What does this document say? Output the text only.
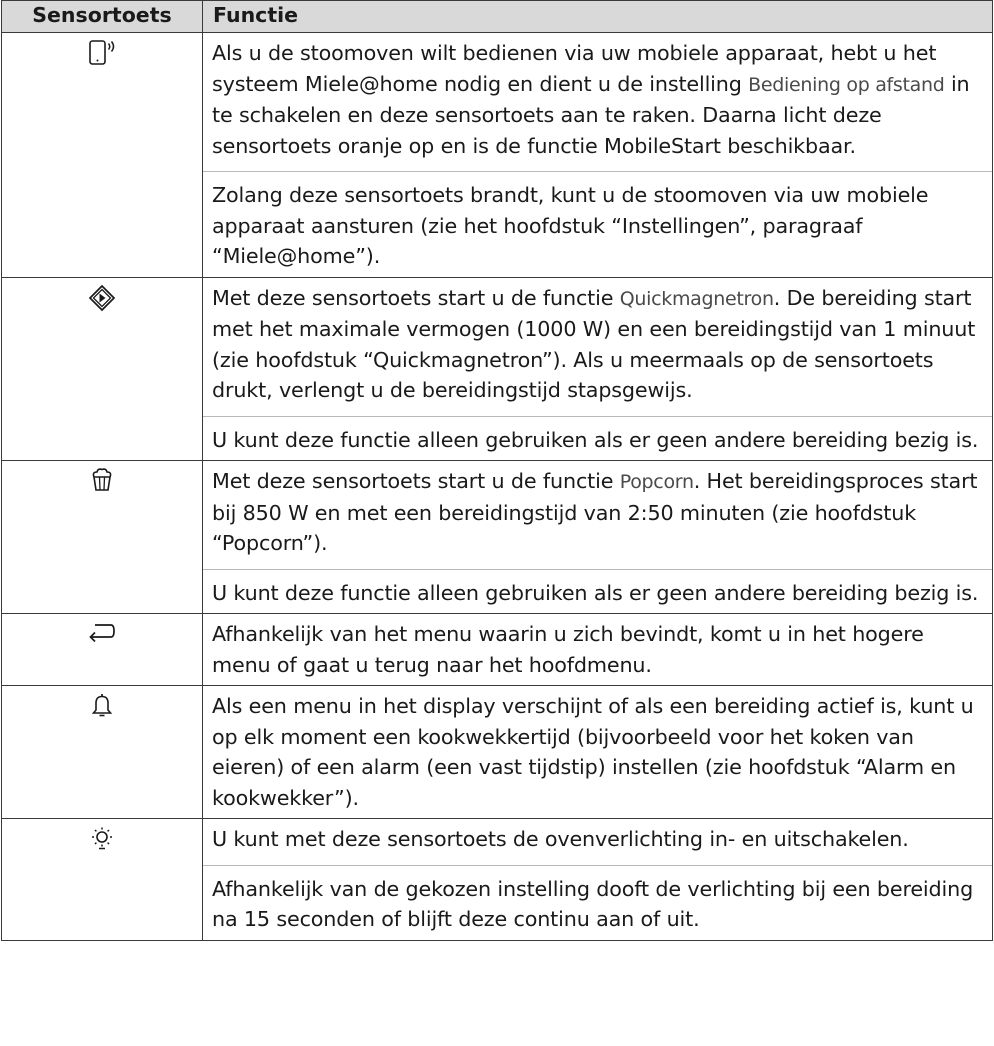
Sensortoets	Functie

Als u de stoomoven wilt bedienen via uw mobiele apparaat, hebt u het systeem Miele@home nodig en dient u de instelling Bediening op afstand in te schakelen en deze sensortoets aan te raken. Daarna licht deze sensortoets oranje op en is de functie MobileStart beschikbaar.
Zolang deze sensortoets brandt, kunt u de stoomoven via uw mobiele apparaat aansturen (zie het hoofdstuk “Instellingen”, paragraaf “Miele@home”).

Met deze sensortoets start u de functie Quickmagnetron. De bereiding start met het maximale vermogen (1000 W) en een bereidingstijd van 1 minuut (zie hoofdstuk “Quickmagnetron”). Als u meermaals op de sensortoets drukt, verlengt u de bereidingstijd stapsgewijs.
U kunt deze functie alleen gebruiken als er geen andere bereiding bezig is.

Met deze sensortoets start u de functie Popcorn. Het bereidingsproces start bij 850 W en met een bereidingstijd van 2:50 minuten (zie hoofdstuk “Popcorn”).
U kunt deze functie alleen gebruiken als er geen andere bereiding bezig is.

Afhankelijk van het menu waarin u zich bevindt, komt u in het hogere menu of gaat u terug naar het hoofdmenu.

Als een menu in het display verschijnt of als een bereiding actief is, kunt u op elk moment een kookwekkertijd (bijvoorbeeld voor het koken van eieren) of een alarm (een vast tijdstip) instellen (zie hoofdstuk “Alarm en kookwekker”).

U kunt met deze sensortoets de ovenverlichting in- en uitschakelen.
Afhankelijk van de gekozen instelling dooft de verlichting bij een bereiding na 15 seconden of blijft deze continu aan of uit.
